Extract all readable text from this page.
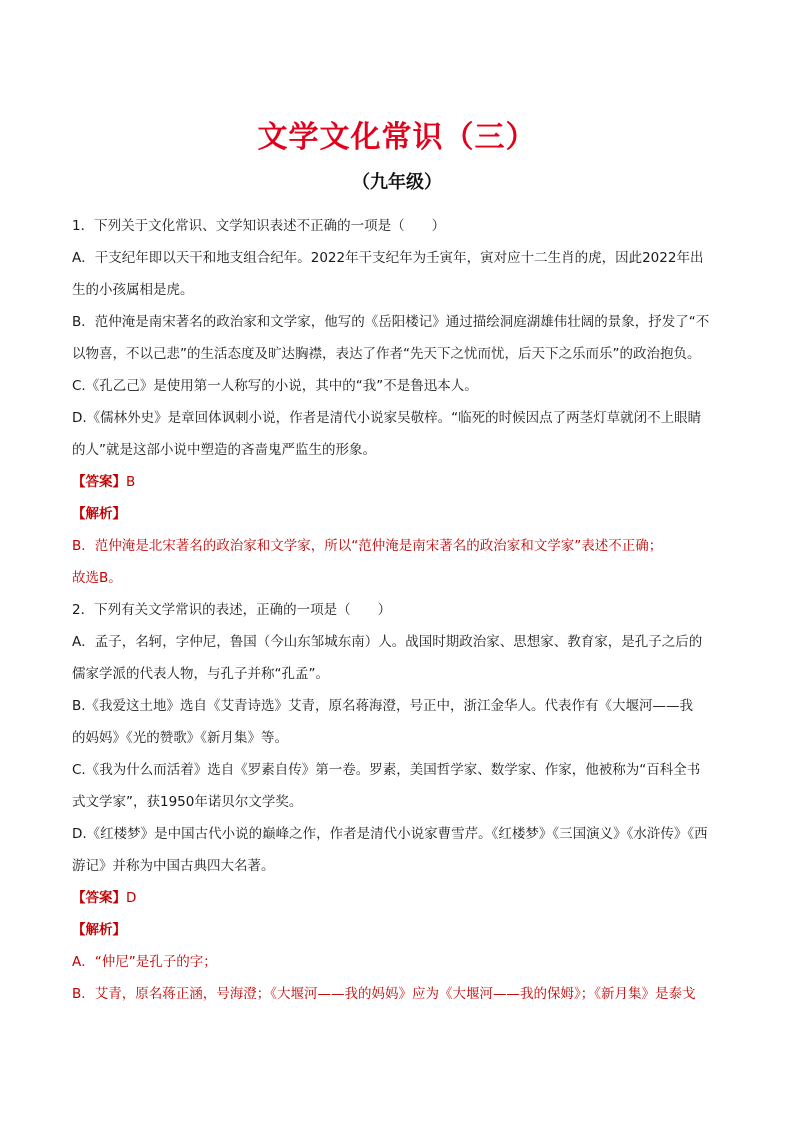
文学文化常识（三）
（九年级）
1．下列关于文化常识、文学知识表述不正确的一项是（　　）
A．干支纪年即以天干和地支组合纪年。2022年干支纪年为壬寅年，寅对应十二生肖的虎，因此2022年出
生的小孩属相是虎。
B．范仲淹是南宋著名的政治家和文学家，他写的《岳阳楼记》通过描绘洞庭湖雄伟壮阔的景象，抒发了“不
以物喜，不以己悲”的生活态度及旷达胸襟，表达了作者“先天下之忧而忧，后天下之乐而乐”的政治抱负。
C.《孔乙己》是使用第一人称写的小说，其中的“我”不是鲁迅本人。
D.《儒林外史》是章回体讽刺小说，作者是清代小说家吴敬梓。“临死的时候因点了两茎灯草就闭不上眼睛
的人”就是这部小说中塑造的吝啬鬼严监生的形象。
【答案】B
【解析】
B．范仲淹是北宋著名的政治家和文学家，所以“范仲淹是南宋著名的政治家和文学家”表述不正确；
故选B。
2．下列有关文学常识的表述，正确的一项是（　　）
A．孟子，名轲，字仲尼，鲁国（今山东邹城东南）人。战国时期政治家、思想家、教育家，是孔子之后的
儒家学派的代表人物，与孔子并称“孔孟”。
B.《我爱这土地》选自《艾青诗选》艾青，原名蒋海澄，号正中，浙江金华人。代表作有《大堰河——我
的妈妈》《光的赞歌》《新月集》等。
C.《我为什么而活着》选自《罗素自传》第一卷。罗素，美国哲学家、数学家、作家，他被称为“百科全书
式文学家”，获1950年诺贝尔文学奖。
D.《红楼梦》是中国古代小说的巅峰之作，作者是清代小说家曹雪芹。《红楼梦》《三国演义》《水浒传》《西
游记》并称为中国古典四大名著。
【答案】D
【解析】
A．“仲尼”是孔子的字；
B．艾青，原名蒋正涵，号海澄；《大堰河——我的妈妈》应为《大堰河——我的保姆》；《新月集》是泰戈
